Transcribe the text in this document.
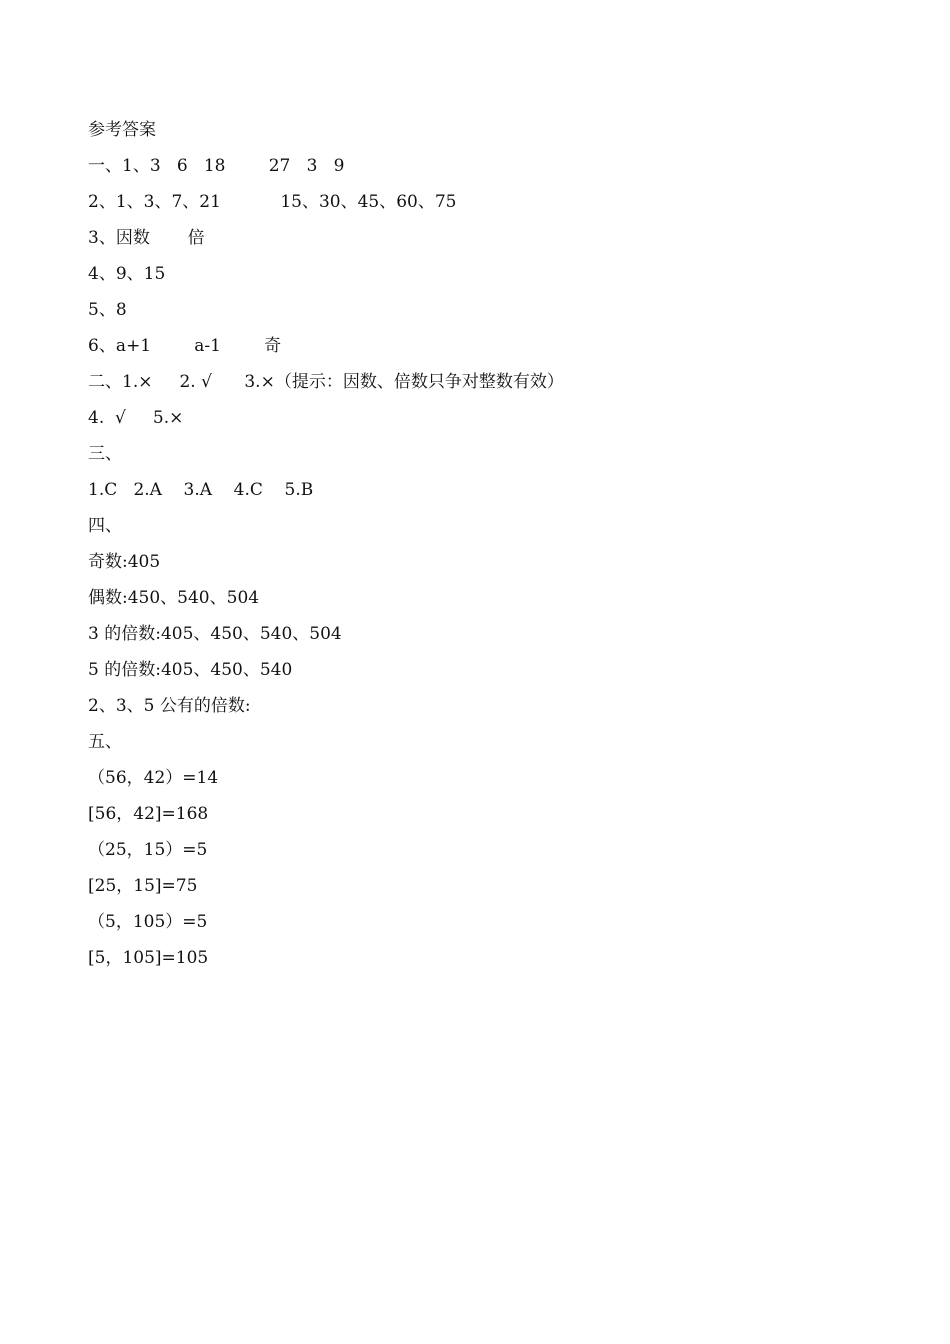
参考答案
一、1、3   6   18        27   3   9
2、1、3、7、21           15、30、45、60、75
3、因数       倍
4、9、15
5、8
6、a+1        a-1        奇
二、1.×     2. √      3.×（提示：因数、倍数只争对整数有效）
4.  √     5.×
三、
1.C   2.A    3.A    4.C    5.B
四、
奇数:405
偶数:450、540、504
3 的倍数:405、450、540、504
5 的倍数:405、450、540
2、3、5 公有的倍数:
五、
（56，42）=14
[56，42]=168
（25，15）=5
[25，15]=75
（5，105）=5
[5，105]=105
